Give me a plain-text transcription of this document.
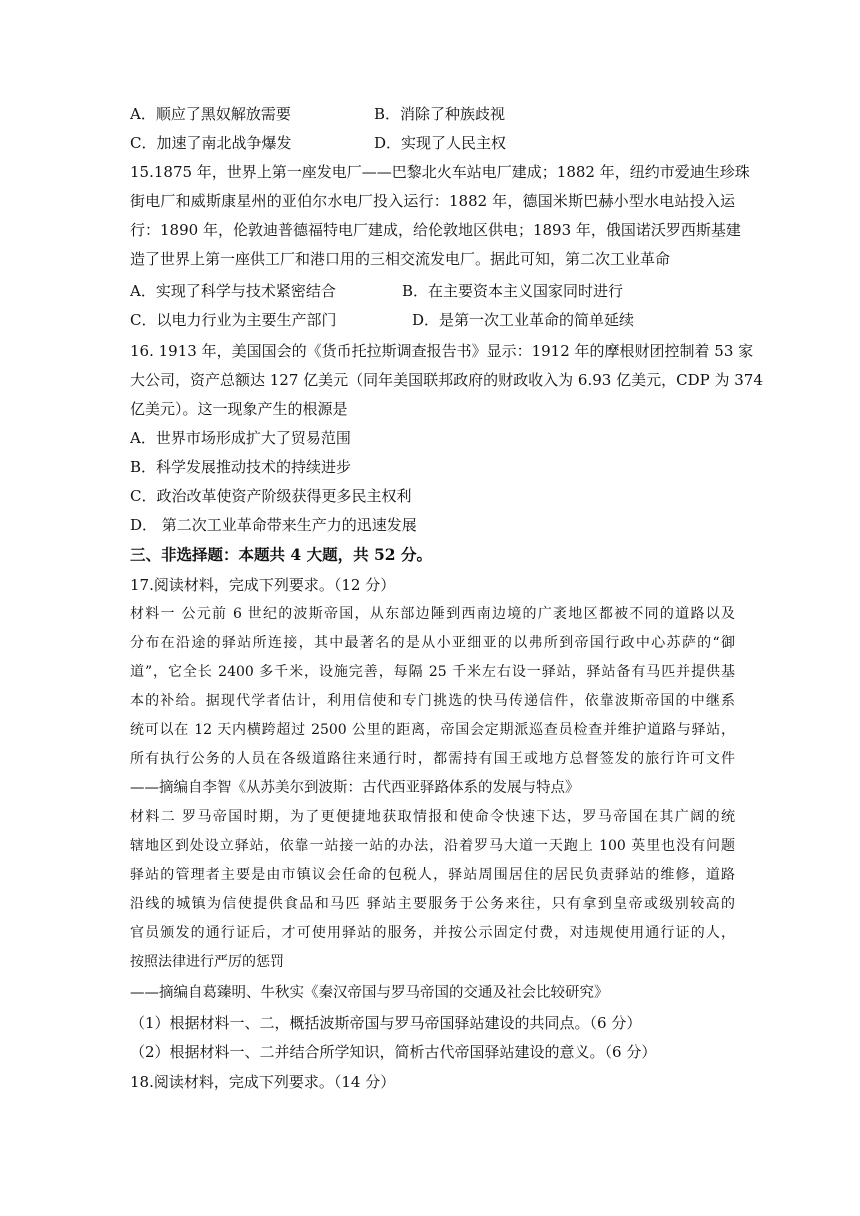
A．顺应了黑奴解放需要	B．消除了种族歧视
C．加速了南北战争爆发	D．实现了人民主权
15.1875 年，世界上第一座发电厂——巴黎北火车站电厂建成；1882 年，纽约市爱迪生珍珠
街电厂和威斯康星州的亚伯尔水电厂投入运行：1882 年，德国米斯巴赫小型水电站投入运
行：1890 年，伦敦迪普德福特电厂建成，给伦敦地区供电；1893 年，俄国诺沃罗西斯基建
造了世界上第一座供工厂和港口用的三相交流发电厂。据此可知，第二次工业革命
A．实现了科学与技术紧密结合	B．在主要资本主义国家同时进行
C．以电力行业为主要生产部门	D．是第一次工业革命的简单延续
16. 1913 年，美国国会的《货币托拉斯调查报告书》显示：1912 年的摩根财团控制着 53 家
大公司，资产总额达 127 亿美元（同年美国联邦政府的财政收入为 6.93 亿美元，CDP 为 374
亿美元）。这一现象产生的根源是
A．世界市场形成扩大了贸易范围
B．科学发展推动技术的持续进步
C．政治改革使资产阶级获得更多民主权利
D． 第二次工业革命带来生产力的迅速发展
三、非选择题：本题共 4 大题，共 52 分。
17.阅读材料，完成下列要求。（12 分）
材料一 公元前 6 世纪的波斯帝国，从东部边陲到西南边境的广袤地区都被不同的道路以及
分布在沿途的驿站所连接，其中最著名的是从小亚细亚的以弗所到帝国行政中心苏萨的“御
道”，它全长 2400 多千米，设施完善，每隔 25 千米左右设一驿站，驿站备有马匹并提供基
本的补给。据现代学者估计，利用信使和专门挑选的快马传递信件，依靠波斯帝国的中继系
统可以在 12 天内横跨超过 2500 公里的距离，帝国会定期派巡查员检查并维护道路与驿站，
所有执行公务的人员在各级道路往来通行时，都需持有国王或地方总督签发的旅行许可文件
——摘编自李智《从苏美尔到波斯：古代西亚驿路体系的发展与特点》
材料二 罗马帝国时期，为了更便捷地获取情报和使命令快速下达，罗马帝国在其广阔的统
辖地区到处设立驿站，依靠一站接一站的办法，沿着罗马大道一天跑上 100 英里也没有问题
驿站的管理者主要是由市镇议会任命的包税人，驿站周围居住的居民负责驿站的维修，道路
沿线的城镇为信使提供食品和马匹 驿站主要服务于公务来往，只有拿到皇帝或级别较高的
官员颁发的通行证后，才可使用驿站的服务，并按公示固定付费，对违规使用通行证的人，
按照法律进行严厉的惩罚
——摘编自葛臻明、牛秋实《秦汉帝国与罗马帝国的交通及社会比较研究》
（1）根据材料一、二，概括波斯帝国与罗马帝国驿站建设的共同点。（6 分）
（2）根据材料一、二并结合所学知识，简析古代帝国驿站建设的意义。（6 分）
18.阅读材料，完成下列要求。（14 分）
